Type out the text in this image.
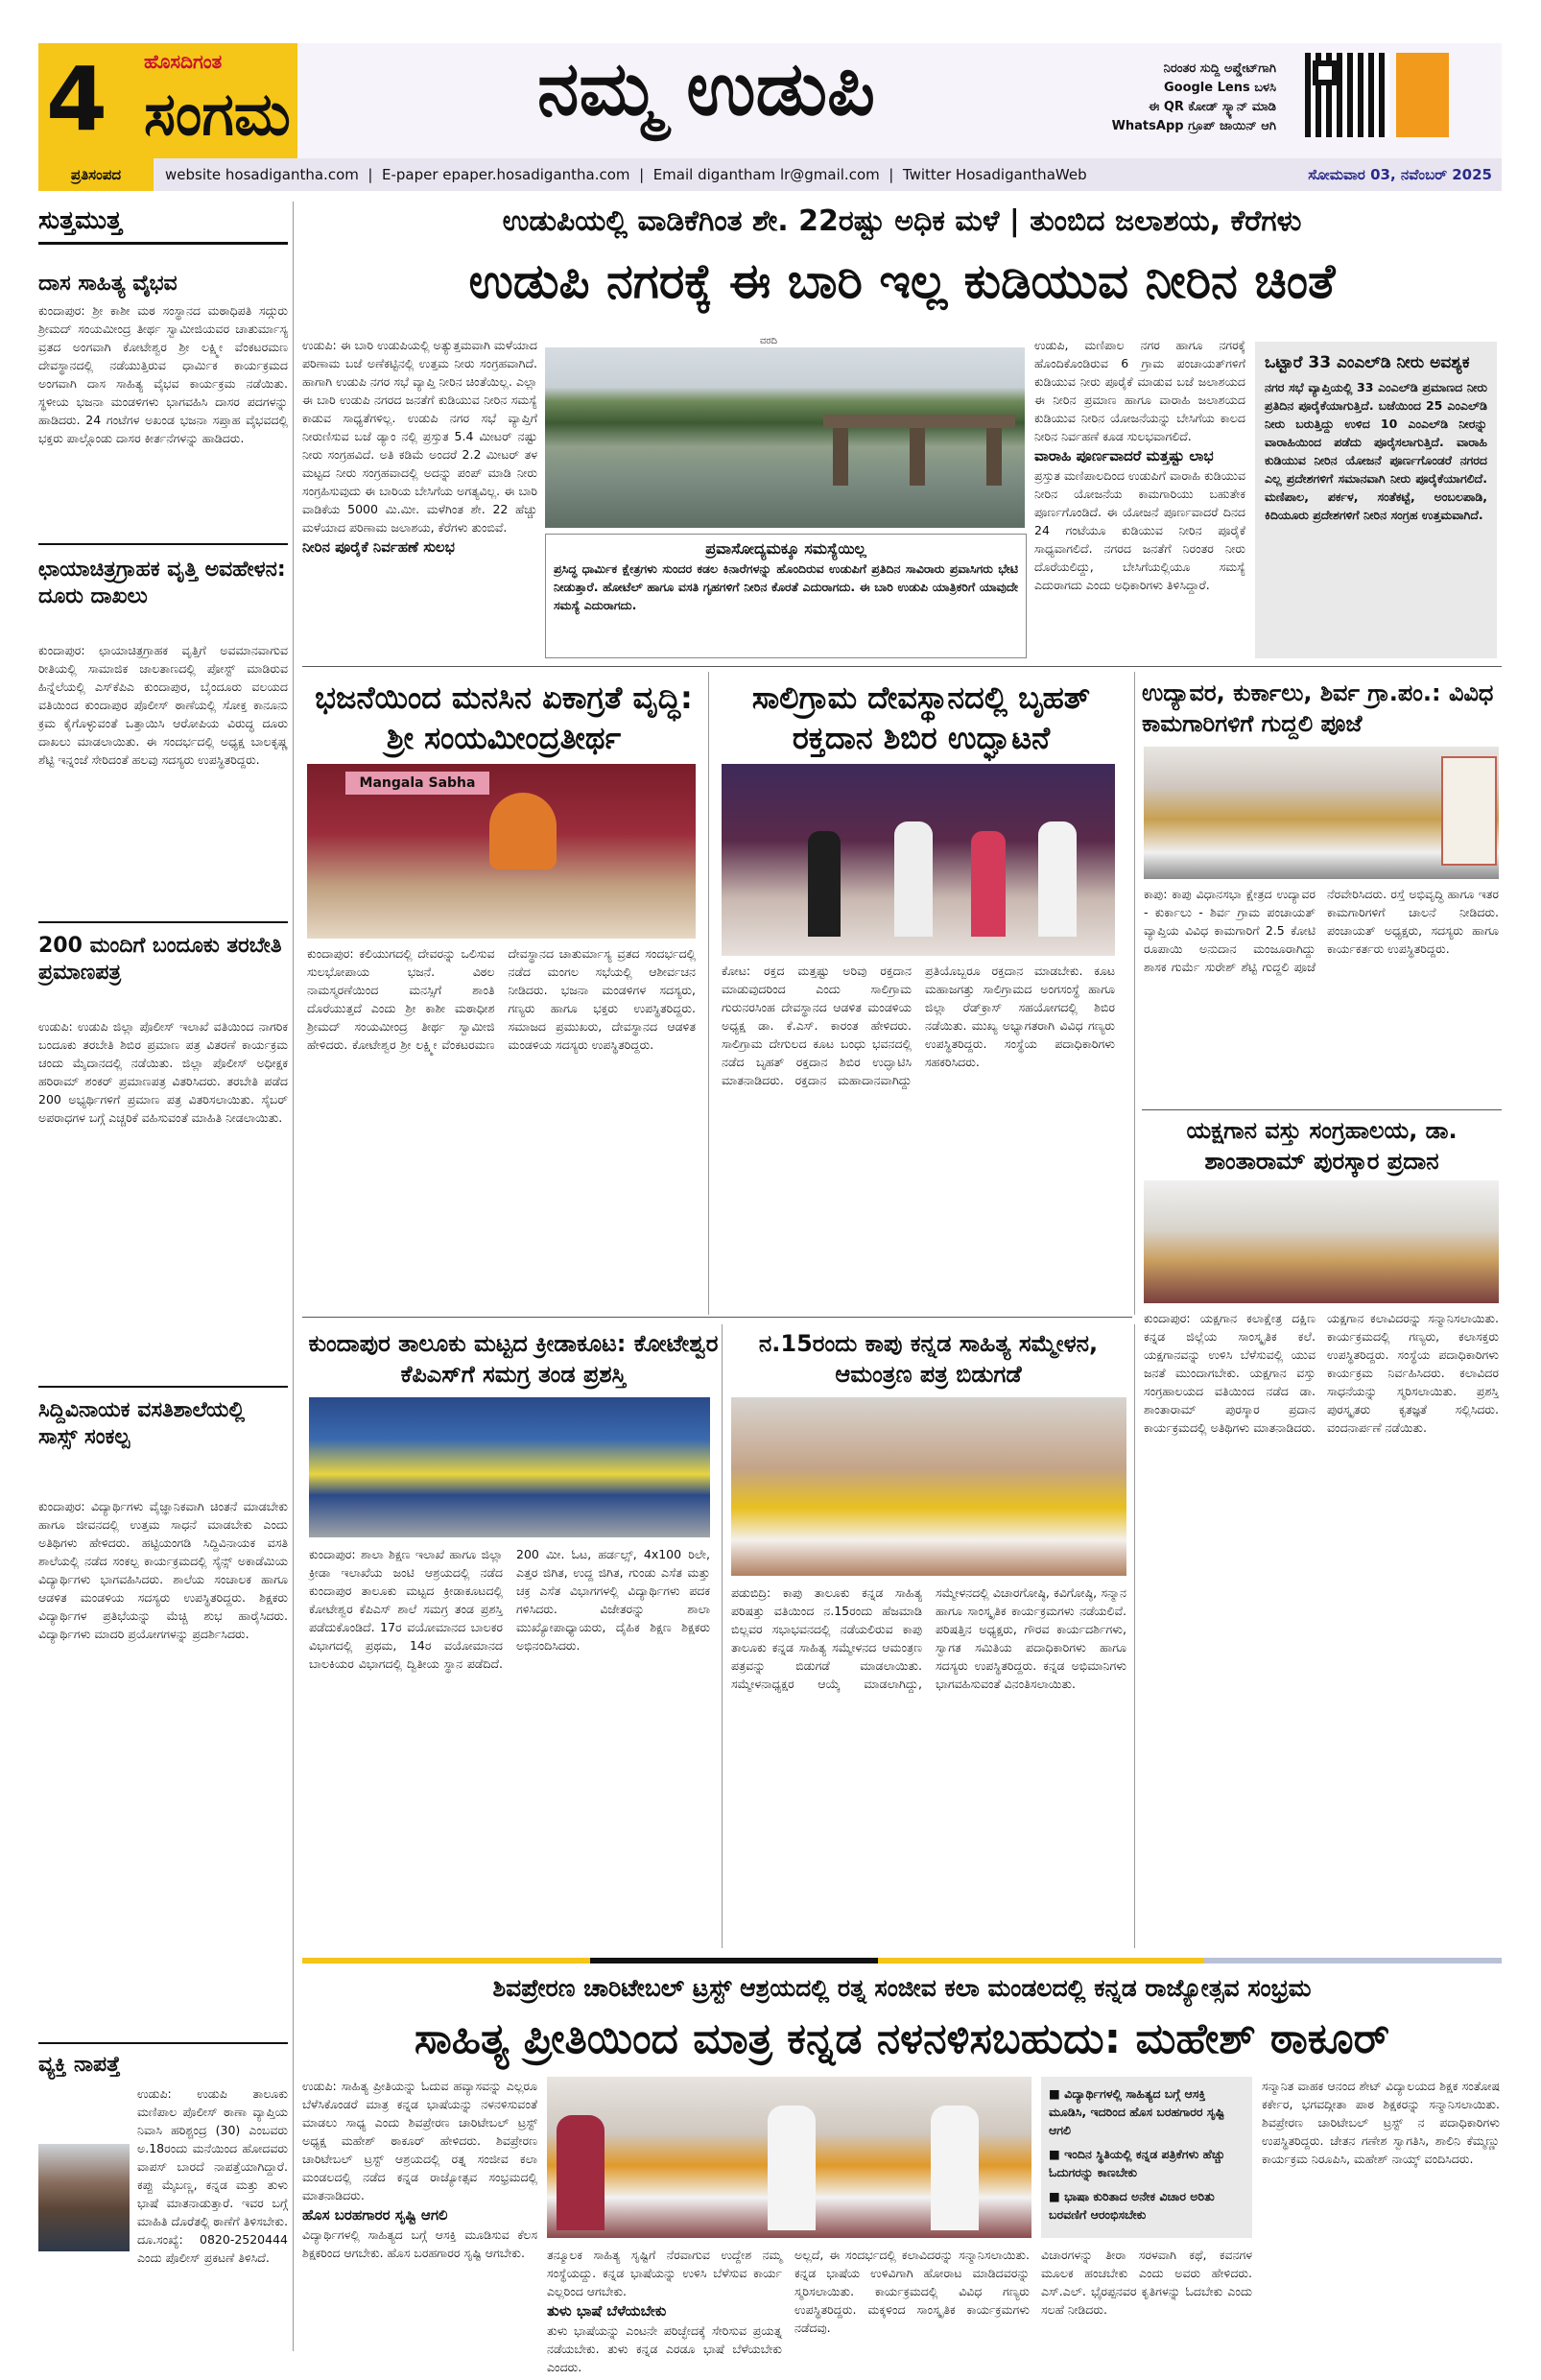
4 ಹೊಸದಿಗಂತ
ಸಂಗಮ	ನಮ್ಮ ಉಡುಪಿ	ನಿರಂತರ ಸುದ್ದಿ ಅಪ್ಡೇಟ್‌ಗಾಗಿ
Google Lens ಬಳಸಿ
ಈ QR ಕೋಡ್ ಸ್ಕ್ಯಾನ್ ಮಾಡಿ
WhatsApp ಗ್ರೂಪ್ ಜಾಯಿನ್ ಆಗಿ
ಪ್ರತಿಸಂಪದ	website hosadigantha.com  |  E-paper epaper.hosadigantha.com  |  Email digantham lr@gmail.com  |  Twitter HosadiganthaWeb	ಸೋಮವಾರ 03, ನವೆಂಬರ್ 2025
ಸುತ್ತಮುತ್ತ
ದಾಸ ಸಾಹಿತ್ಯ ವೈಭವ
ಕುಂದಾಪುರ: ಶ್ರೀ ಕಾಶೀ ಮಠ ಸಂಸ್ಥಾನದ ಮಠಾಧಿಪತಿ ಸದ್ಗುರು ಶ್ರೀಮದ್ ಸಂಯಮೀಂದ್ರ ತೀರ್ಥ ಸ್ವಾಮೀಜಿಯವರ ಚಾತುರ್ಮಾಸ್ಯ ವ್ರತದ ಅಂಗವಾಗಿ ಕೋಟೇಶ್ವರ ಶ್ರೀ ಲಕ್ಷ್ಮೀ ವೆಂಕಟರಮಣ ದೇವಸ್ಥಾನದಲ್ಲಿ ನಡೆಯುತ್ತಿರುವ ಧಾರ್ಮಿಕ ಕಾರ್ಯಕ್ರಮದ ಅಂಗವಾಗಿ ದಾಸ ಸಾಹಿತ್ಯ ವೈಭವ ಕಾರ್ಯಕ್ರಮ ನಡೆಯಿತು. ಸ್ಥಳೀಯ ಭಜನಾ ಮಂಡಳಿಗಳು ಭಾಗವಹಿಸಿ ದಾಸರ ಪದಗಳನ್ನು ಹಾಡಿದರು. 24 ಗಂಟೆಗಳ ಅಖಂಡ ಭಜನಾ ಸಪ್ತಾಹ ವೈಭವದಲ್ಲಿ ಭಕ್ತರು ಪಾಲ್ಗೊಂಡು ದಾಸರ ಕೀರ್ತನೆಗಳನ್ನು ಹಾಡಿದರು.
ಛಾಯಾಚಿತ್ರಗ್ರಾಹಕ ವೃತ್ತಿ ಅವಹೇಳನ: ದೂರು ದಾಖಲು
ಕುಂದಾಪುರ: ಛಾಯಾಚಿತ್ರಗ್ರಾಹಕ ವೃತ್ತಿಗೆ ಅವಮಾನವಾಗುವ ರೀತಿಯಲ್ಲಿ ಸಾಮಾಜಿಕ ಜಾಲತಾಣದಲ್ಲಿ ಪೋಸ್ಟ್ ಮಾಡಿರುವ ಹಿನ್ನೆಲೆಯಲ್ಲಿ ಎಸ್‌ಕೆಪಿಎ ಕುಂದಾಪುರ, ಬೈಂದೂರು ವಲಯದ ವತಿಯಿಂದ ಕುಂದಾಪುರ ಪೊಲೀಸ್ ಠಾಣೆಯಲ್ಲಿ ಸೋಕ್ತ ಕಾನೂನು ಕ್ರಮ ಕೈಗೊಳ್ಳುವಂತೆ ಒತ್ತಾಯಿಸಿ ಆರೋಪಿಯ ವಿರುದ್ಧ ದೂರು ದಾಖಲು ಮಾಡಲಾಯಿತು. ಈ ಸಂದರ್ಭದಲ್ಲಿ ಅಧ್ಯಕ್ಷ ಬಾಲಕೃಷ್ಣ ಶೆಟ್ಟಿ ಇನ್ನಂಜೆ ಸೇರಿದಂತೆ ಹಲವು ಸದಸ್ಯರು ಉಪಸ್ಥಿತರಿದ್ದರು.
200 ಮಂದಿಗೆ ಬಂದೂಕು ತರಬೇತಿ ಪ್ರಮಾಣಪತ್ರ
ಉಡುಪಿ: ಉಡುಪಿ ಜಿಲ್ಲಾ ಪೊಲೀಸ್ ಇಲಾಖೆ ವತಿಯಿಂದ ನಾಗರಿಕ ಬಂದೂಕು ತರಬೇತಿ ಶಿಬಿರ ಪ್ರಮಾಣ ಪತ್ರ ವಿತರಣೆ ಕಾರ್ಯಕ್ರಮ ಚಂದು ಮೈದಾನದಲ್ಲಿ ನಡೆಯಿತು. ಜಿಲ್ಲಾ ಪೊಲೀಸ್ ಅಧೀಕ್ಷಕ ಹರಿರಾಮ್ ಶಂಕರ್ ಪ್ರಮಾಣಪತ್ರ ವಿತರಿಸಿದರು. ತರಬೇತಿ ಪಡೆದ 200 ಅಭ್ಯರ್ಥಿಗಳಿಗೆ ಪ್ರಮಾಣ ಪತ್ರ ವಿತರಿಸಲಾಯಿತು. ಸೈಬರ್ ಅಪರಾಧಗಳ ಬಗ್ಗೆ ಎಚ್ಚರಿಕೆ ವಹಿಸುವಂತೆ ಮಾಹಿತಿ ನೀಡಲಾಯಿತು.
ಸಿದ್ದಿವಿನಾಯಕ ವಸತಿಶಾಲೆಯಲ್ಲಿ ಸಾಸ್ಸ್ ಸಂಕಲ್ಪ
ಕುಂದಾಪುರ: ವಿದ್ಯಾರ್ಥಿಗಳು ವೈಜ್ಞಾನಿಕವಾಗಿ ಚಿಂತನೆ ಮಾಡಬೇಕು ಹಾಗೂ ಜೀವನದಲ್ಲಿ ಉತ್ತಮ ಸಾಧನೆ ಮಾಡಬೇಕು ಎಂದು ಅತಿಥಿಗಳು ಹೇಳಿದರು. ಹಟ್ಟಿಯಂಗಡಿ ಸಿದ್ದಿವಿನಾಯಕ ವಸತಿ ಶಾಲೆಯಲ್ಲಿ ನಡೆದ ಸಂಕಲ್ಪ ಕಾರ್ಯಕ್ರಮದಲ್ಲಿ ಸೈನ್ಸ್ ಅಕಾಡೆಮಿಯ ವಿದ್ಯಾರ್ಥಿಗಳು ಭಾಗವಹಿಸಿದರು. ಶಾಲೆಯ ಸಂಚಾಲಕ ಹಾಗೂ ಆಡಳಿತ ಮಂಡಳಿಯ ಸದಸ್ಯರು ಉಪಸ್ಥಿತರಿದ್ದರು. ಶಿಕ್ಷಕರು ವಿದ್ಯಾರ್ಥಿಗಳ ಪ್ರತಿಭೆಯನ್ನು ಮೆಚ್ಚಿ ಶುಭ ಹಾರೈಸಿದರು. ವಿದ್ಯಾರ್ಥಿಗಳು ಮಾದರಿ ಪ್ರಯೋಗಗಳನ್ನು ಪ್ರದರ್ಶಿಸಿದರು.
ವ್ಯಕ್ತಿ ನಾಪತ್ತೆ
ಉಡುಪಿ: ಉಡುಪಿ ತಾಲೂಕು ಮಣಿಪಾಲ ಪೊಲೀಸ್ ಠಾಣಾ ವ್ಯಾಪ್ತಿಯ ನಿವಾಸಿ ಹರಿಶ್ಚಂದ್ರ (30) ಎಂಬವರು ಅ.18ರಂದು ಮನೆಯಿಂದ ಹೋದವರು ವಾಪಸ್ ಬಾರದೆ ನಾಪತ್ತೆಯಾಗಿದ್ದಾರೆ. ಕಪ್ಪು ಮೈಬಣ್ಣ, ಕನ್ನಡ ಮತ್ತು ತುಳು ಭಾಷೆ ಮಾತನಾಡುತ್ತಾರೆ. ಇವರ ಬಗ್ಗೆ ಮಾಹಿತಿ ದೊರೆತಲ್ಲಿ ಠಾಣೆಗೆ ತಿಳಿಸಬೇಕು. ದೂ.ಸಂಖ್ಯೆ: 0820-2520444 ಎಂದು ಪೊಲೀಸ್ ಪ್ರಕಟಣೆ ತಿಳಿಸಿದೆ.
ಉಡುಪಿಯಲ್ಲಿ ವಾಡಿಕೆಗಿಂತ ಶೇ. 22ರಷ್ಟು ಅಧಿಕ ಮಳೆ | ತುಂಬಿದ ಜಲಾಶಯ, ಕೆರೆಗಳು
ಉಡುಪಿ ನಗರಕ್ಕೆ ಈ ಬಾರಿ ಇಲ್ಲ ಕುಡಿಯುವ ನೀರಿನ ಚಿಂತೆ
ಉಡುಪಿ: ಈ ಬಾರಿ ಉಡುಪಿಯಲ್ಲಿ ಅತ್ಯುತ್ತಮವಾಗಿ ಮಳೆಯಾದ ಪರಿಣಾಮ ಬಜೆ ಅಣೆಕಟ್ಟಿನಲ್ಲಿ ಉತ್ತಮ ನೀರು ಸಂಗ್ರಹವಾಗಿದೆ. ಹಾಗಾಗಿ ಉಡುಪಿ ನಗರ ಸಭೆ ವ್ಯಾಪ್ತಿ ನೀರಿನ ಚಿಂತೆಯಿಲ್ಲ. ಎಲ್ಲಾ ಈ ಬಾರಿ ಉಡುಪಿ ನಗರದ ಜನತೆಗೆ ಕುಡಿಯುವ ನೀರಿನ ಸಮಸ್ಯೆ ಕಾಡುವ ಸಾಧ್ಯತೆಗಳಿಲ್ಲ. ಉಡುಪಿ ನಗರ ಸಭೆ ವ್ಯಾಪ್ತಿಗೆ ನೀರುಣಿಸುವ ಬಜೆ ಡ್ಯಾಂ ನಲ್ಲಿ ಪ್ರಸ್ತುತ 5.4 ಮೀಟರ್ ನಷ್ಟು ನೀರು ಸಂಗ್ರಹವಿದೆ. ಅತಿ ಕಡಿಮೆ ಅಂದರೆ 2.2 ಮೀಟರ್ ತಳ ಮಟ್ಟದ ನೀರು ಸಂಗ್ರಹವಾದಲ್ಲಿ ಅದನ್ನು ಪಂಪ್ ಮಾಡಿ ನೀರು ಸಂಗ್ರಹಿಸುವುದು ಈ ಬಾರಿಯ ಬೇಸಿಗೆಯ ಅಗತ್ಯವಿಲ್ಲ. ಈ ಬಾರಿ ವಾಡಿಕೆಯ 5000 ಮಿ.ಮೀ. ಮಳೆಗಿಂತ ಶೇ. 22 ಹೆಚ್ಚು ಮಳೆಯಾದ ಪರಿಣಾಮ ಜಲಾಶಯ, ಕೆರೆಗಳು ತುಂಬಿವೆ.
ನೀರಿನ ಪೂರೈಕೆ ನಿರ್ವಹಣೆ ಸುಲಭ
ವರದಿ
ಪ್ರವಾಸೋದ್ಯಮಕ್ಕೂ ಸಮಸ್ಯೆಯಿಲ್ಲ
ಪ್ರಸಿದ್ಧ ಧಾರ್ಮಿಕ ಕ್ಷೇತ್ರಗಳು ಸುಂದರ ಕಡಲ ಕಿನಾರೆಗಳನ್ನು ಹೊಂದಿರುವ ಉಡುಪಿಗೆ ಪ್ರತಿದಿನ ಸಾವಿರಾರು ಪ್ರವಾಸಿಗರು ಭೇಟಿ ನೀಡುತ್ತಾರೆ. ಹೋಟೆಲ್ ಹಾಗೂ ವಸತಿ ಗೃಹಗಳಿಗೆ ನೀರಿನ ಕೊರತೆ ಎದುರಾಗದು. ಈ ಬಾರಿ ಉಡುಪಿ ಯಾತ್ರಿಕರಿಗೆ ಯಾವುದೇ ಸಮಸ್ಯೆ ಎದುರಾಗದು.
ಉಡುಪಿ, ಮಣಿಪಾಲ ನಗರ ಹಾಗೂ ನಗರಕ್ಕೆ ಹೊಂದಿಕೊಂಡಿರುವ 6 ಗ್ರಾಮ ಪಂಚಾಯತ್‌ಗಳಿಗೆ ಕುಡಿಯುವ ನೀರು ಪೂರೈಕೆ ಮಾಡುವ ಬಜೆ ಜಲಾಶಯದ ಈ ನೀರಿನ ಪ್ರಮಾಣ ಹಾಗೂ ವಾರಾಹಿ ಜಲಾಶಯದ ಕುಡಿಯುವ ನೀರಿನ ಯೋಜನೆಯನ್ನು ಬೇಸಿಗೆಯ ಕಾಲದ ನೀರಿನ ನಿರ್ವಹಣೆ ಕೂಡ ಸುಲಭವಾಗಲಿದೆ.
ವಾರಾಹಿ ಪೂರ್ಣವಾದರೆ ಮತ್ತಷ್ಟು ಲಾಭ
ಪ್ರಸ್ತುತ ಮಣಿಪಾಲದಿಂದ ಉಡುಪಿಗೆ ವಾರಾಹಿ ಕುಡಿಯುವ ನೀರಿನ ಯೋಜನೆಯ ಕಾಮಗಾರಿಯು ಬಹುತೇಕ ಪೂರ್ಣಗೊಂಡಿದೆ. ಈ ಯೋಜನೆ ಪೂರ್ಣವಾದರೆ ದಿನದ 24 ಗಂಟೆಯೂ ಕುಡಿಯುವ ನೀರಿನ ಪೂರೈಕೆ ಸಾಧ್ಯವಾಗಲಿದೆ. ನಗರದ ಜನತೆಗೆ ನಿರಂತರ ನೀರು ದೊರೆಯಲಿದ್ದು, ಬೇಸಿಗೆಯಲ್ಲಿಯೂ ಸಮಸ್ಯೆ ಎದುರಾಗದು ಎಂದು ಅಧಿಕಾರಿಗಳು ತಿಳಿಸಿದ್ದಾರೆ.
ಒಟ್ಟಾರೆ 33 ಎಂಎಲ್‌ಡಿ ನೀರು ಅವಶ್ಯಕ
ನಗರ ಸಭೆ ವ್ಯಾಪ್ತಿಯಲ್ಲಿ 33 ಎಂಎಲ್‌ಡಿ ಪ್ರಮಾಣದ ನೀರು ಪ್ರತಿದಿನ ಪೂರೈಕೆಯಾಗುತ್ತಿದೆ. ಬಜೆಯಿಂದ 25 ಎಂಎಲ್‌ಡಿ ನೀರು ಬರುತ್ತಿದ್ದು ಉಳಿದ 10 ಎಂಎಲ್‌ಡಿ ನೀರನ್ನು ವಾರಾಹಿಯಿಂದ ಪಡೆದು ಪೂರೈಸಲಾಗುತ್ತಿದೆ. ವಾರಾಹಿ ಕುಡಿಯುವ ನೀರಿನ ಯೋಜನೆ ಪೂರ್ಣಗೊಂಡರೆ ನಗರದ ಎಲ್ಲ ಪ್ರದೇಶಗಳಿಗೆ ಸಮಾನವಾಗಿ ನೀರು ಪೂರೈಕೆಯಾಗಲಿದೆ. ಮಣಿಪಾಲ, ಪರ್ಕಳ, ಸಂತೆಕಟ್ಟೆ, ಅಂಬಲಪಾಡಿ, ಕಿದಿಯೂರು ಪ್ರದೇಶಗಳಿಗೆ ನೀರಿನ ಸಂಗ್ರಹ ಉತ್ತಮವಾಗಿದೆ.
ಭಜನೆಯಿಂದ ಮನಸಿನ ಏಕಾಗ್ರತೆ ವೃದ್ಧಿ: ಶ್ರೀ ಸಂಯಮೀಂದ್ರತೀರ್ಥ
Mangala Sabha
ಕುಂದಾಪುರ: ಕಲಿಯುಗದಲ್ಲಿ ದೇವರನ್ನು ಒಲಿಸುವ ಸುಲಭೋಪಾಯ ಭಜನೆ. ವಿಠಲ ನಾಮಸ್ಮರಣೆಯಿಂದ ಮನಸ್ಸಿಗೆ ಶಾಂತಿ ದೊರೆಯುತ್ತದೆ ಎಂದು ಶ್ರೀ ಕಾಶೀ ಮಠಾಧೀಶ ಶ್ರೀಮದ್ ಸಂಯಮೀಂದ್ರ ತೀರ್ಥ ಸ್ವಾಮೀಜಿ ಹೇಳಿದರು. ಕೋಟೇಶ್ವರ ಶ್ರೀ ಲಕ್ಷ್ಮೀ ವೆಂಕಟರಮಣ ದೇವಸ್ಥಾನದ ಚಾತುರ್ಮಾಸ್ಯ ವ್ರತದ ಸಂದರ್ಭದಲ್ಲಿ ನಡೆದ ಮಂಗಲ ಸಭೆಯಲ್ಲಿ ಆಶೀರ್ವಚನ ನೀಡಿದರು. ಭಜನಾ ಮಂಡಳಿಗಳ ಸದಸ್ಯರು, ಗಣ್ಯರು ಹಾಗೂ ಭಕ್ತರು ಉಪಸ್ಥಿತರಿದ್ದರು. ಸಮಾಜದ ಪ್ರಮುಖರು, ದೇವಸ್ಥಾನದ ಆಡಳಿತ ಮಂಡಳಿಯ ಸದಸ್ಯರು ಉಪಸ್ಥಿತರಿದ್ದರು.
ಸಾಲಿಗ್ರಾಮ ದೇವಸ್ಥಾನದಲ್ಲಿ ಬೃಹತ್ ರಕ್ತದಾನ ಶಿಬಿರ ಉದ್ಘಾಟನೆ
ಕೋಟ: ರಕ್ತದ ಮತ್ತಷ್ಟು ಅರಿವು ರಕ್ತದಾನ ಮಾಡುವುದರಿಂದ ಎಂದು ಸಾಲಿಗ್ರಾಮ ಗುರುನರಸಿಂಹ ದೇವಸ್ಥಾನದ ಆಡಳಿತ ಮಂಡಳಿಯ ಅಧ್ಯಕ್ಷ ಡಾ. ಕೆ.ಎಸ್. ಕಾರಂತ ಹೇಳಿದರು. ಸಾಲಿಗ್ರಾಮ ದೇಗುಲದ ಕೂಟ ಬಂಧು ಭವನದಲ್ಲಿ ನಡೆದ ಬೃಹತ್ ರಕ್ತದಾನ ಶಿಬಿರ ಉದ್ಘಾಟಿಸಿ ಮಾತನಾಡಿದರು. ರಕ್ತದಾನ ಮಹಾದಾನವಾಗಿದ್ದು ಪ್ರತಿಯೊಬ್ಬರೂ ರಕ್ತದಾನ ಮಾಡಬೇಕು. ಕೂಟ ಮಹಾಜಗತ್ತು ಸಾಲಿಗ್ರಾಮದ ಅಂಗಸಂಸ್ಥೆ ಹಾಗೂ ಜಿಲ್ಲಾ ರೆಡ್‌ಕ್ರಾಸ್ ಸಹಯೋಗದಲ್ಲಿ ಶಿಬಿರ ನಡೆಯಿತು. ಮುಖ್ಯ ಅಭ್ಯಾಗತರಾಗಿ ವಿವಿಧ ಗಣ್ಯರು ಉಪಸ್ಥಿತರಿದ್ದರು. ಸಂಸ್ಥೆಯ ಪದಾಧಿಕಾರಿಗಳು ಸಹಕರಿಸಿದರು.
ಉದ್ಯಾವರ, ಕುರ್ಕಾಲು, ಶಿರ್ವ ಗ್ರಾ.ಪಂ.: ವಿವಿಧ ಕಾಮಗಾರಿಗಳಿಗೆ ಗುದ್ದಲಿ ಪೂಜೆ
ಕಾಪು: ಕಾಪು ವಿಧಾನಸಭಾ ಕ್ಷೇತ್ರದ ಉದ್ಯಾವರ - ಕುರ್ಕಾಲು - ಶಿರ್ವ ಗ್ರಾಮ ಪಂಚಾಯತ್ ವ್ಯಾಪ್ತಿಯ ವಿವಿಧ ಕಾಮಗಾರಿಗೆ 2.5 ಕೋಟಿ ರೂಪಾಯಿ ಅನುದಾನ ಮಂಜೂರಾಗಿದ್ದು ಶಾಸಕ ಗುರ್ಮೆ ಸುರೇಶ್ ಶೆಟ್ಟಿ ಗುದ್ದಲಿ ಪೂಜೆ ನೆರವೇರಿಸಿದರು. ರಸ್ತೆ ಅಭಿವೃದ್ಧಿ ಹಾಗೂ ಇತರ ಕಾಮಗಾರಿಗಳಿಗೆ ಚಾಲನೆ ನೀಡಿದರು. ಪಂಚಾಯತ್ ಅಧ್ಯಕ್ಷರು, ಸದಸ್ಯರು ಹಾಗೂ ಕಾರ್ಯಕರ್ತರು ಉಪಸ್ಥಿತರಿದ್ದರು.
ಯಕ್ಷಗಾನ ವಸ್ತು ಸಂಗ್ರಹಾಲಯ, ಡಾ. ಶಾಂತಾರಾಮ್ ಪುರಸ್ಕಾರ ಪ್ರದಾನ
ಕುಂದಾಪುರ ತಾಲೂಕು ಮಟ್ಟದ ಕ್ರೀಡಾಕೂಟ: ಕೋಟೇಶ್ವರ ಕೆಪಿಎಸ್‌ಗೆ ಸಮಗ್ರ ತಂಡ ಪ್ರಶಸ್ತಿ
ಕುಂದಾಪುರ: ಶಾಲಾ ಶಿಕ್ಷಣ ಇಲಾಖೆ ಹಾಗೂ ಜಿಲ್ಲಾ ಕ್ರೀಡಾ ಇಲಾಖೆಯ ಜಂಟಿ ಆಶ್ರಯದಲ್ಲಿ ನಡೆದ ಕುಂದಾಪುರ ತಾಲೂಕು ಮಟ್ಟದ ಕ್ರೀಡಾಕೂಟದಲ್ಲಿ ಕೋಟೇಶ್ವರ ಕೆಪಿಎಸ್ ಶಾಲೆ ಸಮಗ್ರ ತಂಡ ಪ್ರಶಸ್ತಿ ಪಡೆದುಕೊಂಡಿದೆ. 17ರ ವಯೋಮಾನದ ಬಾಲಕರ ವಿಭಾಗದಲ್ಲಿ ಪ್ರಥಮ, 14ರ ವಯೋಮಾನದ ಬಾಲಕಿಯರ ವಿಭಾಗದಲ್ಲಿ ದ್ವಿತೀಯ ಸ್ಥಾನ ಪಡೆದಿದೆ. 200 ಮೀ. ಓಟ, ಹರ್ಡಲ್ಸ್, 4x100 ರಿಲೇ, ಎತ್ತರ ಜಿಗಿತ, ಉದ್ದ ಜಿಗಿತ, ಗುಂಡು ಎಸೆತ ಮತ್ತು ಚಕ್ರ ಎಸೆತ ವಿಭಾಗಗಳಲ್ಲಿ ವಿದ್ಯಾರ್ಥಿಗಳು ಪದಕ ಗಳಿಸಿದರು. ವಿಜೇತರನ್ನು ಶಾಲಾ ಮುಖ್ಯೋಪಾಧ್ಯಾಯರು, ದೈಹಿಕ ಶಿಕ್ಷಣ ಶಿಕ್ಷಕರು ಅಭಿನಂದಿಸಿದರು.
ನ.15ರಂದು ಕಾಪು ಕನ್ನಡ ಸಾಹಿತ್ಯ ಸಮ್ಮೇಳನ, ಆಮಂತ್ರಣ ಪತ್ರ ಬಿಡುಗಡೆ
ಪಡುಬಿದ್ರಿ: ಕಾಪು ತಾಲೂಕು ಕನ್ನಡ ಸಾಹಿತ್ಯ ಪರಿಷತ್ತು ವತಿಯಿಂದ ನ.15ರಂದು ಹೆಜಮಾಡಿ ಬಿಲ್ಲವರ ಸಭಾಭವನದಲ್ಲಿ ನಡೆಯಲಿರುವ ಕಾಪು ತಾಲೂಕು ಕನ್ನಡ ಸಾಹಿತ್ಯ ಸಮ್ಮೇಳನದ ಆಮಂತ್ರಣ ಪತ್ರವನ್ನು ಬಿಡುಗಡೆ ಮಾಡಲಾಯಿತು. ಸಮ್ಮೇಳನಾಧ್ಯಕ್ಷರ ಆಯ್ಕೆ ಮಾಡಲಾಗಿದ್ದು, ಸಮ್ಮೇಳನದಲ್ಲಿ ವಿಚಾರಗೋಷ್ಠಿ, ಕವಿಗೋಷ್ಠಿ, ಸನ್ಮಾನ ಹಾಗೂ ಸಾಂಸ್ಕೃತಿಕ ಕಾರ್ಯಕ್ರಮಗಳು ನಡೆಯಲಿವೆ. ಪರಿಷತ್ತಿನ ಅಧ್ಯಕ್ಷರು, ಗೌರವ ಕಾರ್ಯದರ್ಶಿಗಳು, ಸ್ವಾಗತ ಸಮಿತಿಯ ಪದಾಧಿಕಾರಿಗಳು ಹಾಗೂ ಸದಸ್ಯರು ಉಪಸ್ಥಿತರಿದ್ದರು. ಕನ್ನಡ ಅಭಿಮಾನಿಗಳು ಭಾಗವಹಿಸುವಂತೆ ವಿನಂತಿಸಲಾಯಿತು.
ಕುಂದಾಪುರ: ಯಕ್ಷಗಾನ ಕಲಾಕ್ಷೇತ್ರ ದಕ್ಷಿಣ ಕನ್ನಡ ಜಿಲ್ಲೆಯ ಸಾಂಸ್ಕೃತಿಕ ಕಲೆ. ಯಕ್ಷಗಾನವನ್ನು ಉಳಿಸಿ ಬೆಳೆಸುವಲ್ಲಿ ಯುವ ಜನತೆ ಮುಂದಾಗಬೇಕು. ಯಕ್ಷಗಾನ ವಸ್ತು ಸಂಗ್ರಹಾಲಯದ ವತಿಯಿಂದ ನಡೆದ ಡಾ. ಶಾಂತಾರಾಮ್ ಪುರಸ್ಕಾರ ಪ್ರದಾನ ಕಾರ್ಯಕ್ರಮದಲ್ಲಿ ಅತಿಥಿಗಳು ಮಾತನಾಡಿದರು. ಯಕ್ಷಗಾನ ಕಲಾವಿದರನ್ನು ಸನ್ಮಾನಿಸಲಾಯಿತು. ಕಾರ್ಯಕ್ರಮದಲ್ಲಿ ಗಣ್ಯರು, ಕಲಾಸಕ್ತರು ಉಪಸ್ಥಿತರಿದ್ದರು. ಸಂಸ್ಥೆಯ ಪದಾಧಿಕಾರಿಗಳು ಕಾರ್ಯಕ್ರಮ ನಿರ್ವಹಿಸಿದರು. ಕಲಾವಿದರ ಸಾಧನೆಯನ್ನು ಸ್ಮರಿಸಲಾಯಿತು. ಪ್ರಶಸ್ತಿ ಪುರಸ್ಕೃತರು ಕೃತಜ್ಞತೆ ಸಲ್ಲಿಸಿದರು. ವಂದನಾರ್ಪಣೆ ನಡೆಯಿತು.
ಶಿವಪ್ರೇರಣ ಚಾರಿಟೇಬಲ್ ಟ್ರಸ್ಟ್ ಆಶ್ರಯದಲ್ಲಿ ರತ್ನ ಸಂಜೀವ ಕಲಾ ಮಂಡಲದಲ್ಲಿ ಕನ್ನಡ ರಾಜ್ಯೋತ್ಸವ ಸಂಭ್ರಮ
ಸಾಹಿತ್ಯ ಪ್ರೀತಿಯಿಂದ ಮಾತ್ರ ಕನ್ನಡ ನಳನಳಿಸಬಹುದು: ಮಹೇಶ್ ಠಾಕೂರ್
ಉಡುಪಿ: ಸಾಹಿತ್ಯ ಪ್ರೀತಿಯನ್ನು ಓದುವ ಹವ್ಯಾಸವನ್ನು ಎಲ್ಲರೂ ಬೆಳೆಸಿಕೊಂಡರೆ ಮಾತ್ರ ಕನ್ನಡ ಭಾಷೆಯನ್ನು ನಳನಳಿಸುವಂತೆ ಮಾಡಲು ಸಾಧ್ಯ ಎಂದು ಶಿವಪ್ರೇರಣ ಚಾರಿಟೇಬಲ್ ಟ್ರಸ್ಟ್ ಅಧ್ಯಕ್ಷ ಮಹೇಶ್ ಠಾಕೂರ್ ಹೇಳಿದರು. ಶಿವಪ್ರೇರಣ ಚಾರಿಟೇಬಲ್ ಟ್ರಸ್ಟ್ ಆಶ್ರಯದಲ್ಲಿ ರತ್ನ ಸಂಜೀವ ಕಲಾ ಮಂಡಲದಲ್ಲಿ ನಡೆದ ಕನ್ನಡ ರಾಜ್ಯೋತ್ಸವ ಸಂಭ್ರಮದಲ್ಲಿ ಮಾತನಾಡಿದರು.
ಹೊಸ ಬರಹಗಾರರ ಸೃಷ್ಟಿ ಆಗಲಿ
ವಿದ್ಯಾರ್ಥಿಗಳಲ್ಲಿ ಸಾಹಿತ್ಯದ ಬಗ್ಗೆ ಆಸಕ್ತಿ ಮೂಡಿಸುವ ಕೆಲಸ ಶಿಕ್ಷಕರಿಂದ ಆಗಬೇಕು. ಹೊಸ ಬರಹಗಾರರ ಸೃಷ್ಟಿ ಆಗಬೇಕು.	ತನ್ಮೂಲಕ ಸಾಹಿತ್ಯ ಸೃಷ್ಟಿಗೆ ನೆರವಾಗುವ ಉದ್ದೇಶ ನಮ್ಮ ಸಂಸ್ಥೆಯದ್ದು. ಕನ್ನಡ ಭಾಷೆಯನ್ನು ಉಳಿಸಿ ಬೆಳೆಸುವ ಕಾರ್ಯ ಎಲ್ಲರಿಂದ ಆಗಬೇಕು.
ತುಳು ಭಾಷೆ ಬೆಳೆಯಬೇಕು
ತುಳು ಭಾಷೆಯನ್ನು ಎಂಟನೇ ಪರಿಚ್ಛೇದಕ್ಕೆ ಸೇರಿಸುವ ಪ್ರಯತ್ನ ನಡೆಯಬೇಕು. ತುಳು ಕನ್ನಡ ಎರಡೂ ಭಾಷೆ ಬೆಳೆಯಬೇಕು ಎಂದರು.
ಅಲ್ಲದೆ, ಈ ಸಂದರ್ಭದಲ್ಲಿ ಕಲಾವಿದರನ್ನು ಸನ್ಮಾನಿಸಲಾಯಿತು. ಕನ್ನಡ ಭಾಷೆಯ ಉಳಿವಿಗಾಗಿ ಹೋರಾಟ ಮಾಡಿದವರನ್ನು ಸ್ಮರಿಸಲಾಯಿತು. ಕಾರ್ಯಕ್ರಮದಲ್ಲಿ ವಿವಿಧ ಗಣ್ಯರು ಉಪಸ್ಥಿತರಿದ್ದರು. ಮಕ್ಕಳಿಂದ ಸಾಂಸ್ಕೃತಿಕ ಕಾರ್ಯಕ್ರಮಗಳು ನಡೆದವು.
■ ವಿದ್ಯಾರ್ಥಿಗಳಲ್ಲಿ ಸಾಹಿತ್ಯದ ಬಗ್ಗೆ ಆಸಕ್ತಿ ಮೂಡಿಸಿ, ಇದರಿಂದ ಹೊಸ ಬರಹಗಾರರ ಸೃಷ್ಟಿ ಆಗಲಿ
■ ಇಂದಿನ ಸ್ಥಿತಿಯಲ್ಲಿ ಕನ್ನಡ ಪತ್ರಿಕೆಗಳು ಹೆಚ್ಚು ಓದುಗರನ್ನು ಕಾಣಬೇಕು
■ ಭಾಷಾ ಕುರಿತಾದ ಅನೇಕ ವಿಚಾರ ಅರಿತು ಬರವಣಿಗೆ ಆರಂಭಿಸಬೇಕು
ವಿಚಾರಗಳನ್ನು ತೀರಾ ಸರಳವಾಗಿ ಕಥೆ, ಕವನಗಳ ಮೂಲಕ ಹಂಚಬೇಕು ಎಂದು ಅವರು ಹೇಳಿದರು. ಎಸ್.ಎಲ್. ಭೈರಪ್ಪನವರ ಕೃತಿಗಳನ್ನು ಓದಬೇಕು ಎಂದು ಸಲಹೆ ನೀಡಿದರು.
ಸನ್ಮಾನಿತ ವಾಹಕ ಆನಂದ ಶೇಟ್ ವಿದ್ಯಾಲಯದ ಶಿಕ್ಷಕ ಸಂತೋಷ ಕರ್ಕೇರ, ಭಗವದ್ಗೀತಾ ಪಾಠ ಶಿಕ್ಷಕರನ್ನು ಸನ್ಮಾನಿಸಲಾಯಿತು. ಶಿವಪ್ರೇರಣ ಚಾರಿಟೇಬಲ್ ಟ್ರಸ್ಟ್ ನ ಪದಾಧಿಕಾರಿಗಳು ಉಪಸ್ಥಿತರಿದ್ದರು. ಚೇತನ ಗಣೇಶ ಸ್ವಾಗತಿಸಿ, ಶಾಲಿನಿ ಕೆಮ್ಮಣ್ಣು ಕಾರ್ಯಕ್ರಮ ನಿರೂಪಿಸಿ, ಮಹೇಶ್ ನಾಯ್ಕ್ ವಂದಿಸಿದರು.
